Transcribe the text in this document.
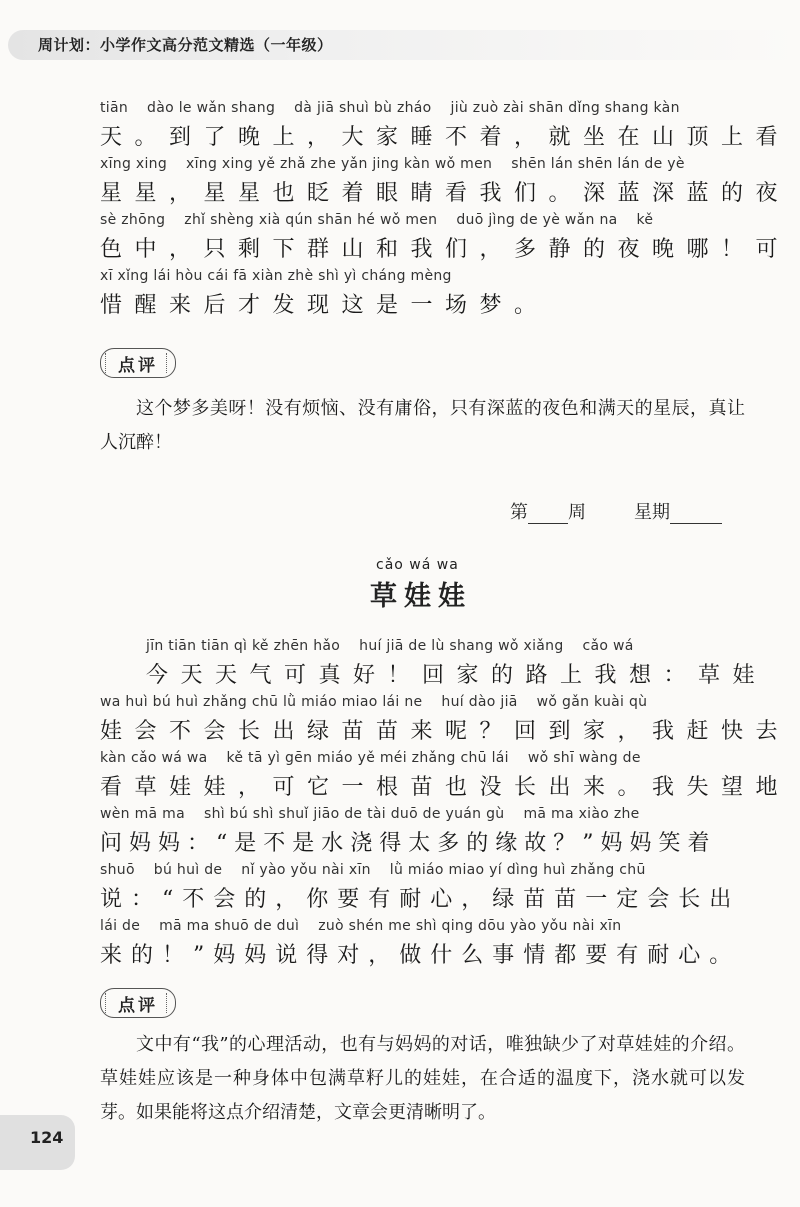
周计划：小学作文高分范文精选（一年级）
tiān    dào le wǎn shang    dà jiā shuì bù zháo    jiù zuò zài shān dǐng shang kàn
天。到了晚上，大家睡不着，就坐在山顶上看
xīng xing    xīng xing yě zhǎ zhe yǎn jing kàn wǒ men    shēn lán shēn lán de yè
星星，星星也眨着眼睛看我们。深蓝深蓝的夜
sè zhōng    zhǐ shèng xià qún shān hé wǒ men    duō jìng de yè wǎn na    kě
色中，只剩下群山和我们，多静的夜晚哪！可
xī xǐng lái hòu cái fā xiàn zhè shì yì cháng mèng
惜醒来后才发现这是一场梦。
点评
这个梦多美呀！没有烦恼、没有庸俗，只有深蓝的夜色和满天的星辰，真让人沉醉！
第 周	星期
cǎo wá wa
草娃娃
jīn tiān tiān qì kě zhēn hǎo    huí jiā de lù shang wǒ xiǎng    cǎo wá
今天天气可真好！回家的路上我想：草娃
wa huì bú huì zhǎng chū lǜ miáo miao lái ne    huí dào jiā    wǒ gǎn kuài qù
娃会不会长出绿苗苗来呢？回到家，我赶快去
kàn cǎo wá wa    kě tā yì gēn miáo yě méi zhǎng chū lái    wǒ shī wàng de
看草娃娃，可它一根苗也没长出来。我失望地
wèn mā ma    shì bú shì shuǐ jiāo de tài duō de yuán gù    mā ma xiào zhe
问妈妈：“是不是水浇得太多的缘故？”妈妈笑着
shuō    bú huì de    nǐ yào yǒu nài xīn    lǜ miáo miao yí dìng huì zhǎng chū
说：“不会的，你要有耐心，绿苗苗一定会长出
lái de    mā ma shuō de duì    zuò shén me shì qing dōu yào yǒu nài xīn
来的！”妈妈说得对，做什么事情都要有耐心。
点评
文中有“我”的心理活动，也有与妈妈的对话，唯独缺少了对草娃娃的介绍。草娃娃应该是一种身体中包满草籽儿的娃娃，在合适的温度下，浇水就可以发芽。如果能将这点介绍清楚，文章会更清晰明了。
124
